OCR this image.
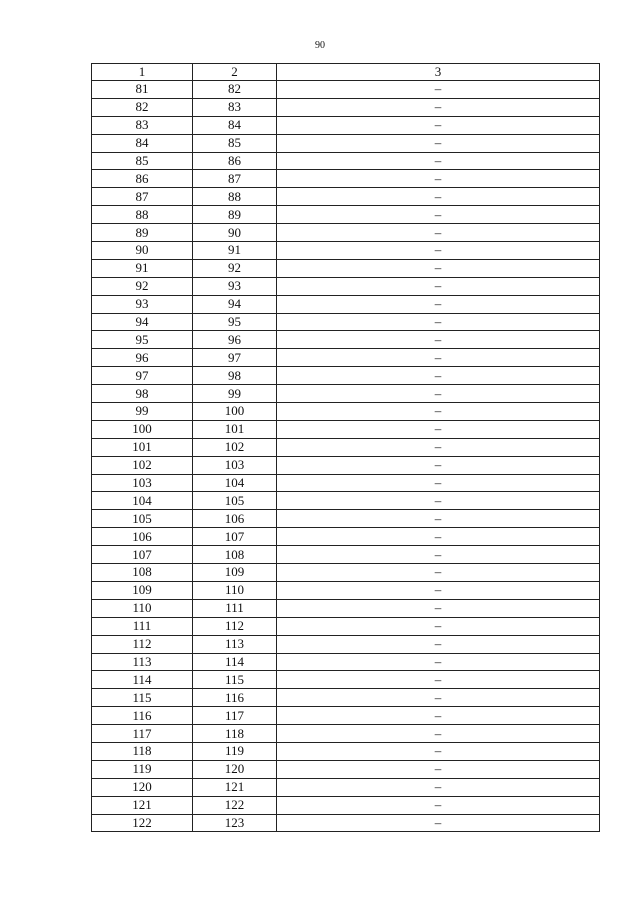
90
1	2	3
81	82	–
82	83	–
83	84	–
84	85	–
85	86	–
86	87	–
87	88	–
88	89	–
89	90	–
90	91	–
91	92	–
92	93	–
93	94	–
94	95	–
95	96	–
96	97	–
97	98	–
98	99	–
99	100	–
100	101	–
101	102	–
102	103	–
103	104	–
104	105	–
105	106	–
106	107	–
107	108	–
108	109	–
109	110	–
110	111	–
111	112	–
112	113	–
113	114	–
114	115	–
115	116	–
116	117	–
117	118	–
118	119	–
119	120	–
120	121	–
121	122	–
122	123	–
